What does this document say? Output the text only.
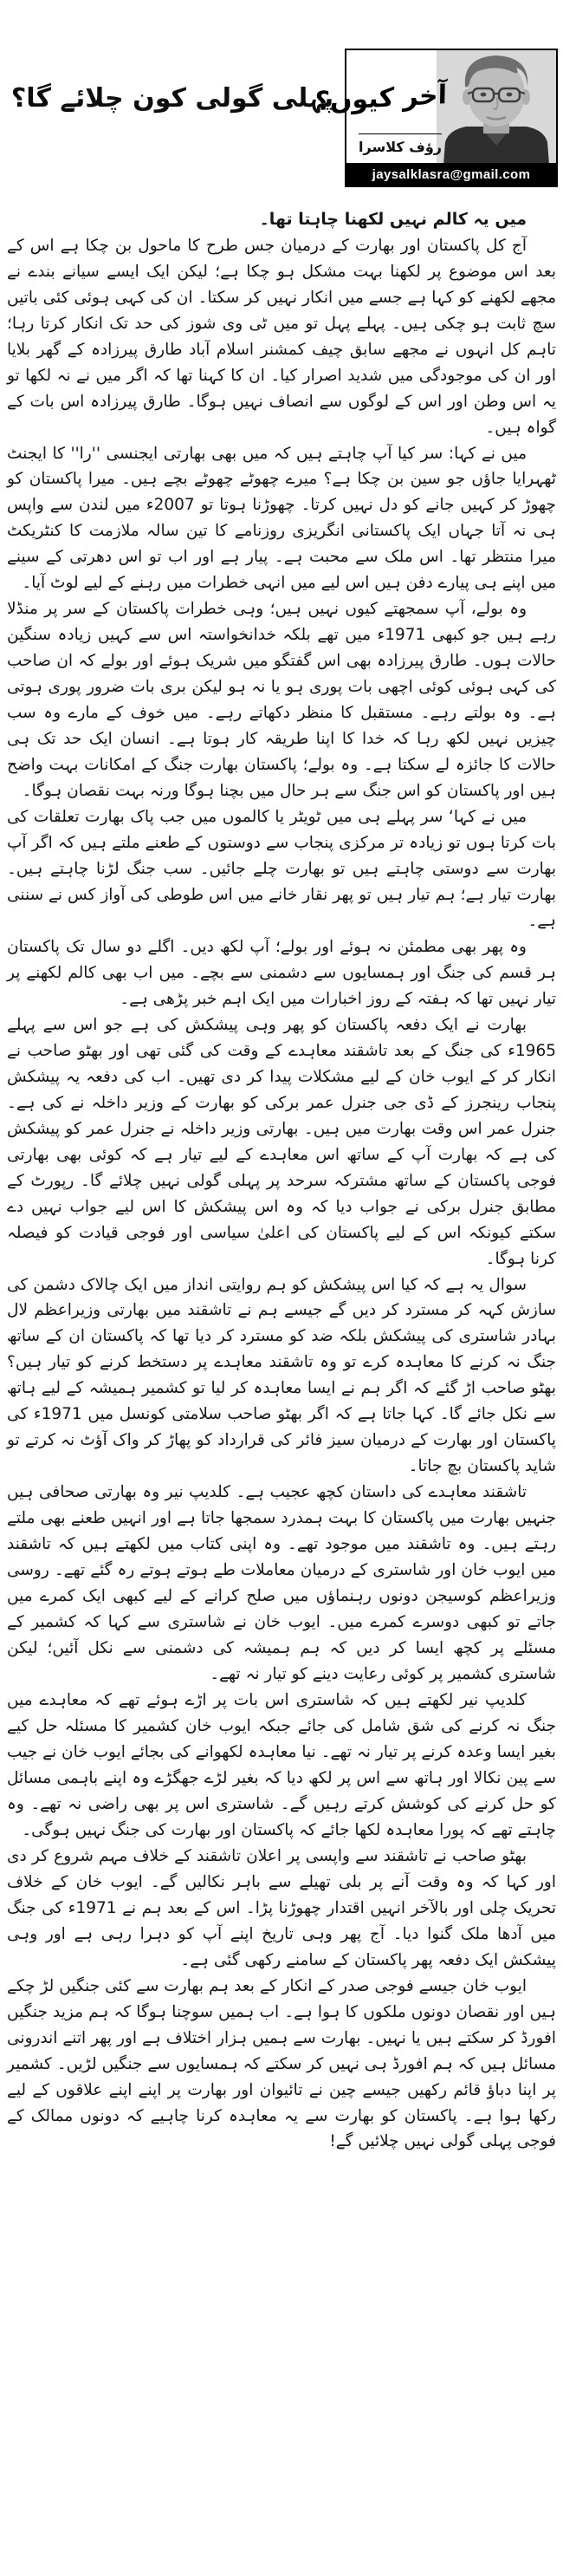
پہلی گولی کون چلائے گا؟
آخر کیوں؟
رؤف کلاسرا
jaysalklasra@gmail.com

میں یہ کالم نہیں لکھنا چاہتا تھا۔

آج کل پاکستان اور بھارت کے درمیان جس طرح کا ماحول بن چکا ہے اس کے بعد اس موضوع پر لکھنا بہت مشکل ہو چکا ہے؛ لیکن ایک ایسے سیانے بندے نے مجھے لکھنے کو کہا ہے جسے میں انکار نہیں کر سکتا۔ ان کی کہی ہوئی کئی باتیں سچ ثابت ہو چکی ہیں۔ پہلے پہل تو میں ٹی وی شوز کی حد تک انکار کرتا رہا؛ تاہم کل انہوں نے مجھے سابق چیف کمشنر اسلام آباد طارق پیرزادہ کے گھر بلایا اور ان کی موجودگی میں شدید اصرار کیا۔ ان کا کہنا تھا کہ اگر میں نے نہ لکھا تو یہ اس وطن اور اس کے لوگوں سے انصاف نہیں ہوگا۔ طارق پیرزادہ اس بات کے گواہ ہیں۔

میں نے کہا: سر کیا آپ چاہتے ہیں کہ میں بھی بھارتی ایجنسی ''را'' کا ایجنٹ ٹھہرایا جاؤں جو سین بن چکا ہے؟ میرے چھوٹے چھوٹے بچے ہیں۔ میرا پاکستان کو چھوڑ کر کہیں جانے کو دل نہیں کرتا۔ چھوڑنا ہوتا تو 2007ء میں لندن سے واپس ہی نہ آتا جہاں ایک پاکستانی انگریزی روزنامے کا تین سالہ ملازمت کا کنٹریکٹ میرا منتظر تھا۔ اس ملک سے محبت ہے۔ پیار ہے اور اب تو اس دھرتی کے سینے میں اپنے ہی پیارے دفن ہیں اس لیے میں انہی خطرات میں رہنے کے لیے لوٹ آیا۔

وہ بولے، آپ سمجھتے کیوں نہیں ہیں؛ وہی خطرات پاکستان کے سر پر منڈلا رہے ہیں جو کبھی 1971ء میں تھے بلکہ خدانخواستہ اس سے کہیں زیادہ سنگین حالات ہوں۔ طارق پیرزادہ بھی اس گفتگو میں شریک ہوئے اور بولے کہ ان صاحب کی کہی ہوئی کوئی اچھی بات پوری ہو یا نہ ہو لیکن بری بات ضرور پوری ہوتی ہے۔ وہ بولتے رہے۔ مستقبل کا منظر دکھاتے رہے۔ میں خوف کے مارے وہ سب چیزیں نہیں لکھ رہا کہ خدا کا اپنا طریقہ کار ہوتا ہے۔ انسان ایک حد تک ہی حالات کا جائزہ لے سکتا ہے۔ وہ بولے؛ پاکستان بھارت جنگ کے امکانات بہت واضح ہیں اور پاکستان کو اس جنگ سے ہر حال میں بچنا ہوگا ورنہ بہت نقصان ہوگا۔

میں نے کہا‘ سر پہلے ہی میں ٹویٹر یا کالموں میں جب پاک بھارت تعلقات کی بات کرتا ہوں تو زیادہ تر مرکزی پنجاب سے دوستوں کے طعنے ملتے ہیں کہ اگر آپ بھارت سے دوستی چاہتے ہیں تو بھارت چلے جائیں۔ سب جنگ لڑنا چاہتے ہیں۔ بھارت تیار ہے؛ ہم تیار ہیں تو پھر نقار خانے میں اس طوطی کی آواز کس نے سننی ہے۔

وہ پھر بھی مطمئن نہ ہوئے اور بولے؛ آپ لکھ دیں۔ اگلے دو سال تک پاکستان ہر قسم کی جنگ اور ہمسایوں سے دشمنی سے بچے۔ میں اب بھی کالم لکھنے پر تیار نہیں تھا کہ ہفتہ کے روز اخبارات میں ایک اہم خبر پڑھی ہے۔

بھارت نے ایک دفعہ پاکستان کو پھر وہی پیشکش کی ہے جو اس سے پہلے 1965ء کی جنگ کے بعد تاشقند معاہدے کے وقت کی گئی تھی اور بھٹو صاحب نے انکار کر کے ایوب خان کے لیے مشکلات پیدا کر دی تھیں۔ اب کی دفعہ یہ پیشکش پنجاب رینجرز کے ڈی جی جنرل عمر برکی کو بھارت کے وزیر داخلہ نے کی ہے۔ جنرل عمر اس وقت بھارت میں ہیں۔ بھارتی وزیر داخلہ نے جنرل عمر کو پیشکش کی ہے کہ بھارت آپ کے ساتھ اس معاہدے کے لیے تیار ہے کہ کوئی بھی بھارتی فوجی پاکستان کے ساتھ مشترکہ سرحد پر پہلی گولی نہیں چلائے گا۔ رپورٹ کے مطابق جنرل برکی نے جواب دیا کہ وہ اس پیشکش کا اس لیے جواب نہیں دے سکتے کیونکہ اس کے لیے پاکستان کی اعلیٰ سیاسی اور فوجی قیادت کو فیصلہ کرنا ہوگا۔

سوال یہ ہے کہ کیا اس پیشکش کو ہم روایتی انداز میں ایک چالاک دشمن کی سازش کہہ کر مسترد کر دیں گے جیسے ہم نے تاشقند میں بھارتی وزیراعظم لال بہادر شاستری کی پیشکش بلکہ ضد کو مسترد کر دیا تھا کہ پاکستان ان کے ساتھ جنگ نہ کرنے کا معاہدہ کرے تو وہ تاشقند معاہدے پر دستخط کرنے کو تیار ہیں؟ بھٹو صاحب اڑ گئے کہ اگر ہم نے ایسا معاہدہ کر لیا تو کشمیر ہمیشہ کے لیے ہاتھ سے نکل جائے گا۔ کہا جاتا ہے کہ اگر بھٹو صاحب سلامتی کونسل میں 1971ء کی پاکستان اور بھارت کے درمیان سیز فائر کی قرارداد کو پھاڑ کر واک آؤٹ نہ کرتے تو شاید پاکستان بچ جاتا۔

تاشقند معاہدے کی داستان کچھ عجیب ہے۔ کلدیپ نیر وہ بھارتی صحافی ہیں جنہیں بھارت میں پاکستان کا بہت ہمدرد سمجھا جاتا ہے اور انہیں طعنے بھی ملتے رہتے ہیں۔ وہ تاشقند میں موجود تھے۔ وہ اپنی کتاب میں لکھتے ہیں کہ تاشقند میں ایوب خان اور شاستری کے درمیان معاملات طے ہوتے ہوتے رہ گئے تھے۔ روسی وزیراعظم کوسیجن دونوں رہنماؤں میں صلح کرانے کے لیے کبھی ایک کمرے میں جاتے تو کبھی دوسرے کمرے میں۔ ایوب خان نے شاستری سے کہا کہ کشمیر کے مسئلے پر کچھ ایسا کر دیں کہ ہم ہمیشہ کی دشمنی سے نکل آئیں؛ لیکن شاستری کشمیر پر کوئی رعایت دینے کو تیار نہ تھے۔

کلدیپ نیر لکھتے ہیں کہ شاستری اس بات پر اڑے ہوئے تھے کہ معاہدے میں جنگ نہ کرنے کی شق شامل کی جائے جبکہ ایوب خان کشمیر کا مسئلہ حل کیے بغیر ایسا وعدہ کرنے پر تیار نہ تھے۔ نیا معاہدہ لکھوانے کی بجائے ایوب خان نے جیب سے پین نکالا اور ہاتھ سے اس پر لکھ دیا کہ بغیر لڑے جھگڑے وہ اپنے باہمی مسائل کو حل کرنے کی کوشش کرتے رہیں گے۔ شاستری اس پر بھی راضی نہ تھے۔ وہ چاہتے تھے کہ پورا معاہدہ لکھا جائے کہ پاکستان اور بھارت کی جنگ نہیں ہوگی۔

بھٹو صاحب نے تاشقند سے واپسی پر اعلان تاشقند کے خلاف مہم شروع کر دی اور کہا کہ وہ وقت آنے پر بلی تھیلے سے باہر نکالیں گے۔ ایوب خان کے خلاف تحریک چلی اور بالآخر انہیں اقتدار چھوڑنا پڑا۔ اس کے بعد ہم نے 1971ء کی جنگ میں آدھا ملک گنوا دیا۔ آج پھر وہی تاریخ اپنے آپ کو دہرا رہی ہے اور وہی پیشکش ایک دفعہ پھر پاکستان کے سامنے رکھی گئی ہے۔

ایوب خان جیسے فوجی صدر کے انکار کے بعد ہم بھارت سے کئی جنگیں لڑ چکے ہیں اور نقصان دونوں ملکوں کا ہوا ہے۔ اب ہمیں سوچنا ہوگا کہ ہم مزید جنگیں افورڈ کر سکتے ہیں یا نہیں۔ بھارت سے ہمیں ہزار اختلاف ہے اور پھر اتنے اندرونی مسائل ہیں کہ ہم افورڈ ہی نہیں کر سکتے کہ ہمسایوں سے جنگیں لڑیں۔ کشمیر پر اپنا دباؤ قائم رکھیں جیسے چین نے تائیوان اور بھارت پر اپنے اپنے علاقوں کے لیے رکھا ہوا ہے۔ پاکستان کو بھارت سے یہ معاہدہ کرنا چاہیے کہ دونوں ممالک کے فوجی پہلی گولی نہیں چلائیں گے!
